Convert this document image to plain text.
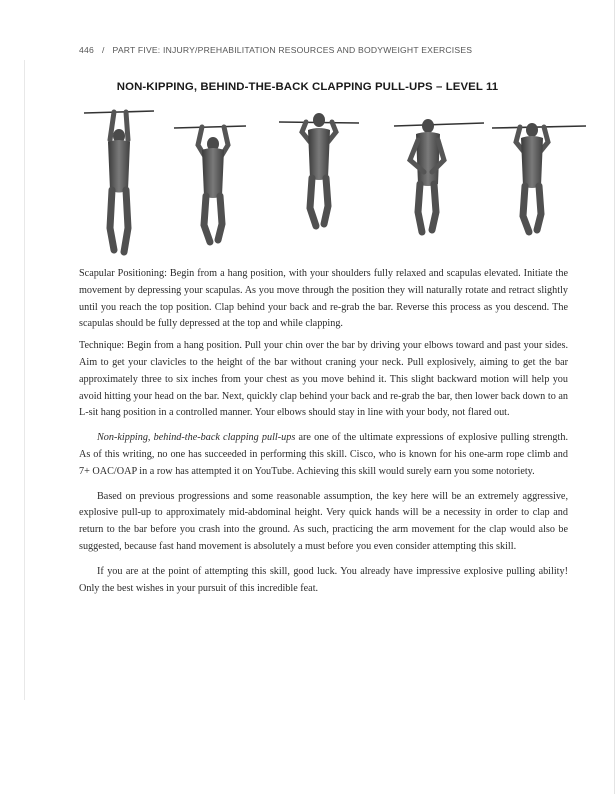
446 / PART FIVE: INJURY/PREHABILITATION RESOURCES AND BODYWEIGHT EXERCISES
NON-KIPPING, BEHIND-THE-BACK CLAPPING PULL-UPS – LEVEL 11

Scapular Positioning: Begin from a hang position, with your shoulders fully relaxed and scapulas elevated. Initiate the movement by depressing your scapulas. As you move through the position they will naturally rotate and retract slightly until you reach the top position. Clap behind your back and re-grab the bar. Reverse this process as you descend. The scapulas should be fully depressed at the top and while clapping.

Technique: Begin from a hang position. Pull your chin over the bar by driving your elbows toward and past your sides. Aim to get your clavicles to the height of the bar without craning your neck. Pull explosively, aiming to get the bar approximately three to six inches from your chest as you move behind it. This slight backward motion will help you avoid hitting your head on the bar. Next, quickly clap behind your back and re-grab the bar, then lower back down to an L-sit hang position in a controlled manner. Your elbows should stay in line with your body, not flared out.

Non-kipping, behind-the-back clapping pull-ups are one of the ultimate expressions of explosive pulling strength. As of this writing, no one has succeeded in performing this skill. Cisco, who is known for his one-arm rope climb and 7+ OAC/OAP in a row has attempted it on YouTube. Achieving this skill would surely earn you some notoriety.

Based on previous progressions and some reasonable assumption, the key here will be an extremely aggressive, explosive pull-up to approximately mid-abdominal height. Very quick hands will be a necessity in order to clap and return to the bar before you crash into the ground. As such, practicing the arm movement for the clap would also be suggested, because fast hand movement is absolutely a must before you even consider attempting this skill.

If you are at the point of attempting this skill, good luck. You already have impressive explosive pulling ability! Only the best wishes in your pursuit of this incredible feat.
